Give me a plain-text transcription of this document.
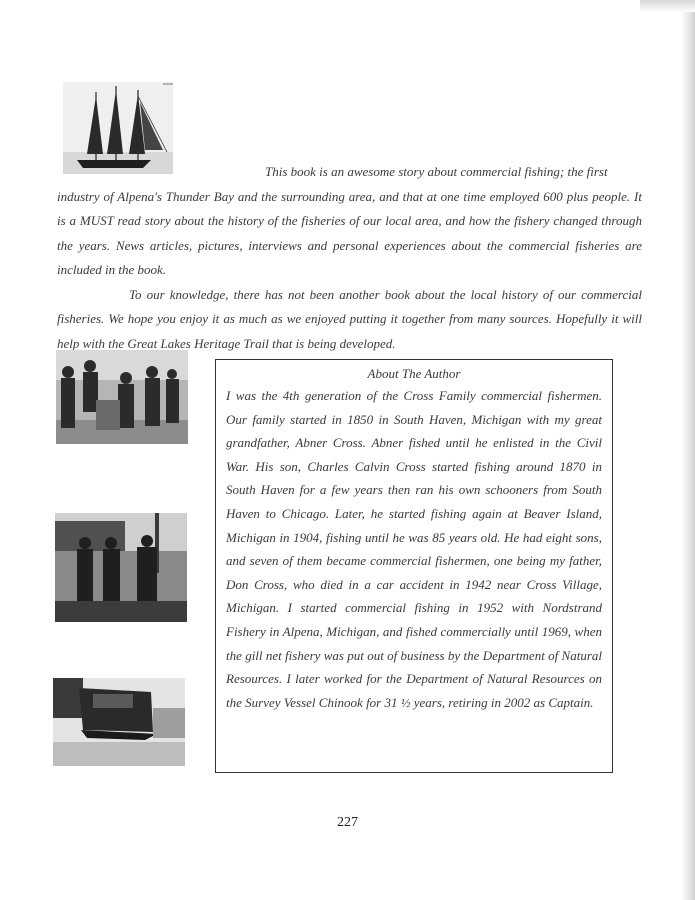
This book is an awesome story about commercial fishing; the first

industry of Alpena's Thunder Bay and the surrounding area, and that at one time employed 600 plus people. It is a MUST read story about the history of the fisheries of our local area, and how the fishery changed through the years. News articles, pictures, interviews and personal experiences about the commercial fisheries are included in the book.

To our knowledge, there has not been another book about the local history of our commercial fisheries. We hope you enjoy it as much as we enjoyed putting it together from many sources. Hopefully it will help with the Great Lakes Heritage Trail that is being developed.

About The Author

I was the 4th generation of the Cross Family commercial fishermen. Our family started in 1850 in South Haven, Michigan with my great grandfather, Abner Cross. Abner fished until he enlisted in the Civil War. His son, Charles Calvin Cross started fishing around 1870 in South Haven for a few years then ran his own schooners from South Haven to Chicago. Later, he started fishing again at Beaver Island, Michigan in 1904, fishing until he was 85 years old. He had eight sons, and seven of them became commercial fishermen, one being my father, Don Cross, who died in a car accident in 1942 near Cross Village, Michigan. I started commercial fishing in 1952 with Nordstrand Fishery in Alpena, Michigan, and fished commercially until 1969, when the gill net fishery was put out of business by the Department of Natural Resources. I later worked for the Department of Natural Resources on the Survey Vessel Chinook for 31 ½ years, retiring in 2002 as Captain.

227
